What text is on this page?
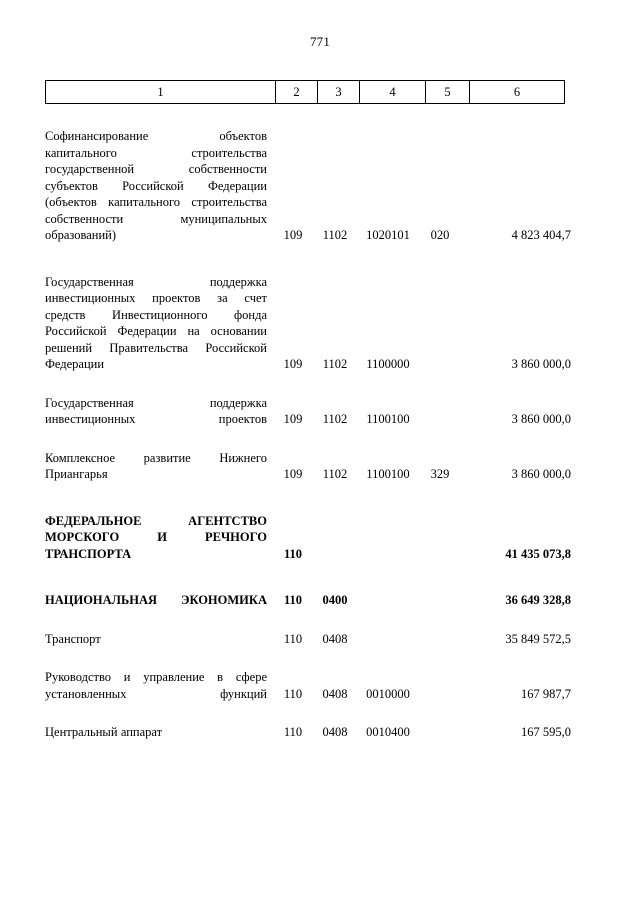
771
1	2	3	4	5	6
Софинансирование объектов капитального строительства государственной собственности субъектов Российской Федерации (объектов капитального строительства собственности муниципальных образований)	109	1102	1020101	020	4 823 404,7

Государственная поддержка инвестиционных проектов за счет средств Инвестиционного фонда Российской Федерации на основании решений Правительства Российской Федерации	109	1102	1100000		3 860 000,0

Государственная поддержка инвестиционных проектов	109	1102	1100100		3 860 000,0

Комплексное развитие Нижнего Приангарья	109	1102	1100100	329	3 860 000,0

ФЕДЕРАЛЬНОЕ АГЕНТСТВО МОРСКОГО И РЕЧНОГО ТРАНСПОРТА	110				41 435 073,8

НАЦИОНАЛЬНАЯ ЭКОНОМИКА	110	0400			36 649 328,8

Транспорт	110	0408			35 849 572,5

Руководство и управление в сфере установленных функций	110	0408	0010000		167 987,7

Центральный аппарат	110	0408	0010400		167 595,0
